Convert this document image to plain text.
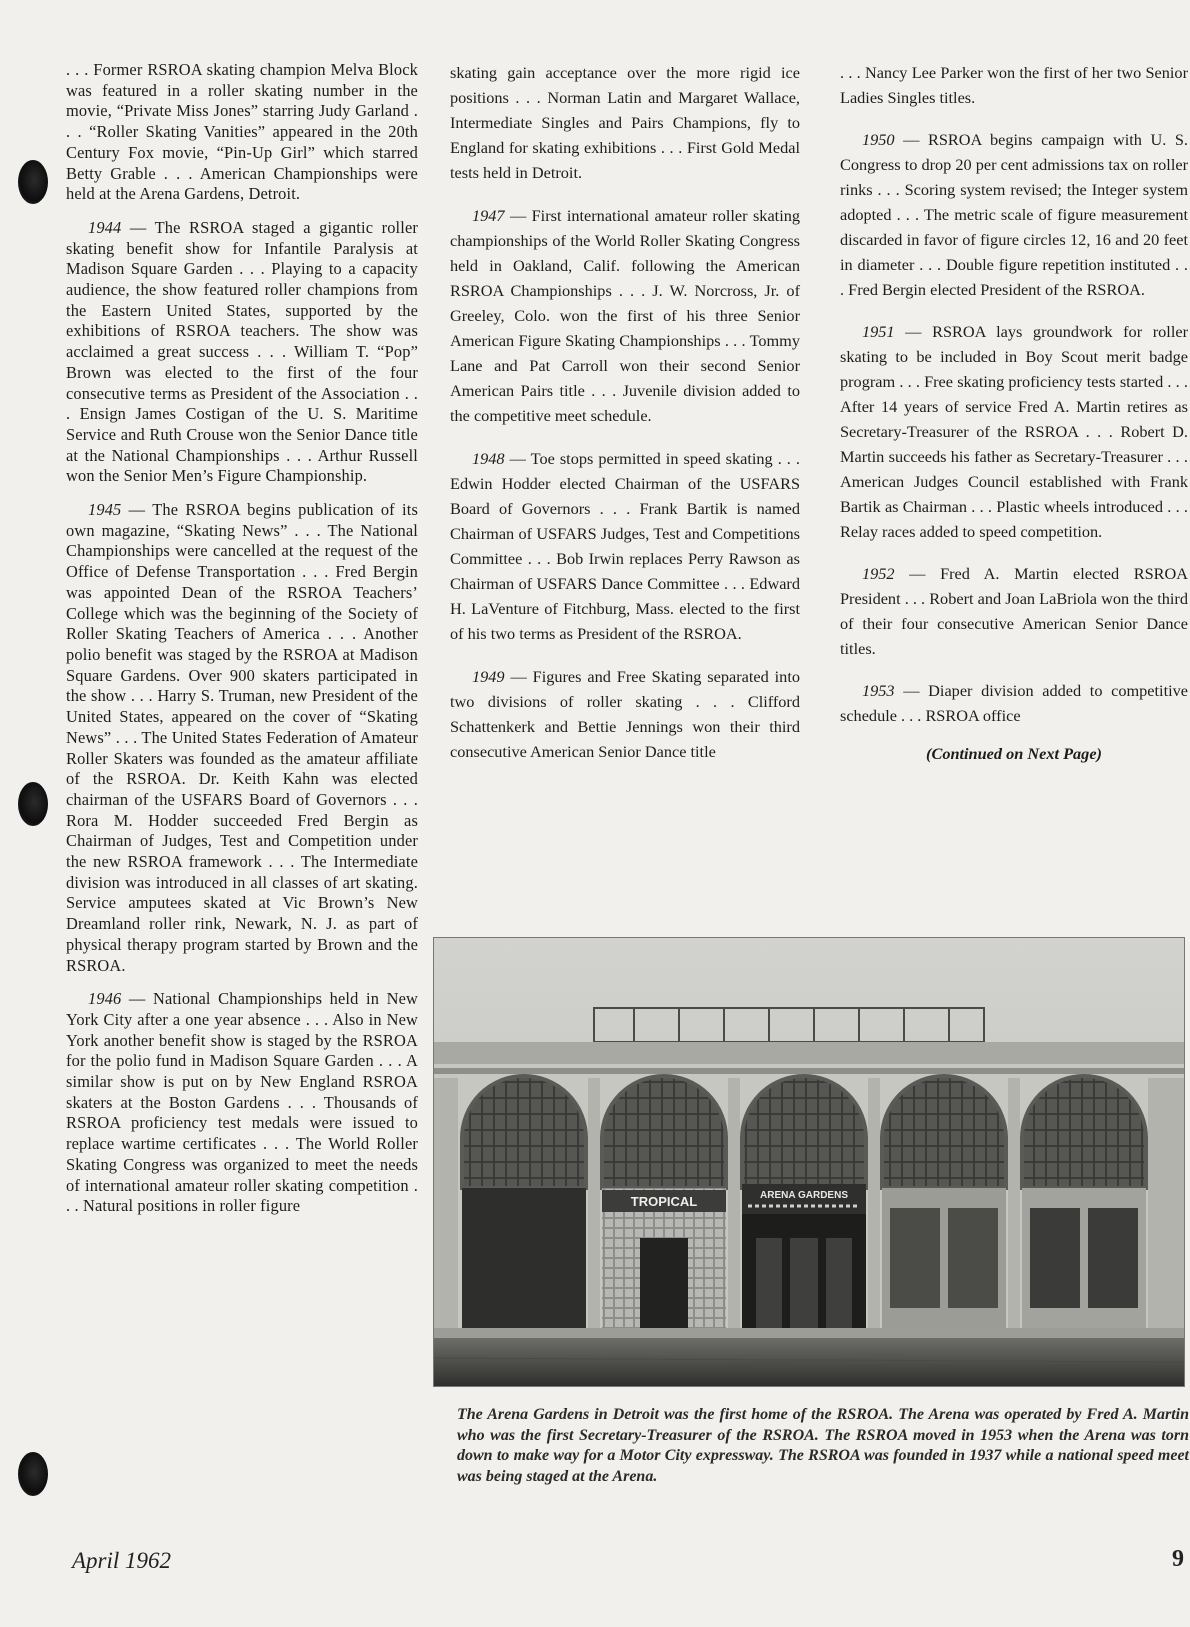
. . . Former RSROA skating champion Melva Block was featured in a roller skating number in the movie, “Private Miss Jones” starring Judy Garland . . . “Roller Skating Vanities” appeared in the 20th Century Fox movie, “Pin-Up Girl” which starred Betty Grable . . . American Championships were held at the Arena Gardens, Detroit.

1944 — The RSROA staged a gigantic roller skating benefit show for Infantile Paralysis at Madison Square Garden . . . Playing to a capacity audience, the show featured roller champions from the Eastern United States, supported by the exhibitions of RSROA teachers. The show was acclaimed a great success . . . William T. “Pop” Brown was elected to the first of the four consecutive terms as President of the Association . . . Ensign James Costigan of the U. S. Maritime Service and Ruth Crouse won the Senior Dance title at the National Championships . . . Arthur Russell won the Senior Men’s Figure Championship.

1945 — The RSROA begins publication of its own magazine, “Skating News” . . . The National Championships were cancelled at the request of the Office of Defense Transportation . . . Fred Bergin was appointed Dean of the RSROA Teachers’ College which was the beginning of the Society of Roller Skating Teachers of America . . . Another polio benefit was staged by the RSROA at Madison Square Gardens. Over 900 skaters participated in the show . . . Harry S. Truman, new President of the United States, appeared on the cover of “Skating News” . . . The United States Federation of Amateur Roller Skaters was founded as the amateur affiliate of the RSROA. Dr. Keith Kahn was elected chairman of the USFARS Board of Governors . . . Rora M. Hodder succeeded Fred Bergin as Chairman of Judges, Test and Competition under the new RSROA framework . . . The Intermediate division was introduced in all classes of art skating. Service amputees skated at Vic Brown’s New Dreamland roller rink, Newark, N. J. as part of physical therapy program started by Brown and the RSROA.

1946 — National Championships held in New York City after a one year absence . . . Also in New York another benefit show is staged by the RSROA for the polio fund in Madison Square Garden . . . A similar show is put on by New England RSROA skaters at the Boston Gardens . . . Thousands of RSROA proficiency test medals were issued to replace wartime certificates . . . The World Roller Skating Congress was organized to meet the needs of international amateur roller skating competition . . . Natural positions in roller figure

skating gain acceptance over the more rigid ice positions . . . Norman Latin and Margaret Wallace, Intermediate Singles and Pairs Champions, fly to England for skating exhibitions . . . First Gold Medal tests held in Detroit.

1947 — First international amateur roller skating championships of the World Roller Skating Congress held in Oakland, Calif. following the American RSROA Championships . . . J. W. Norcross, Jr. of Greeley, Colo. won the first of his three Senior American Figure Skating Championships . . . Tommy Lane and Pat Carroll won their second Senior American Pairs title . . . Juvenile division added to the competitive meet schedule.

1948 — Toe stops permitted in speed skating . . . Edwin Hodder elected Chairman of the USFARS Board of Governors . . . Frank Bartik is named Chairman of USFARS Judges, Test and Competitions Committee . . . Bob Irwin replaces Perry Rawson as Chairman of USFARS Dance Committee . . . Edward H. LaVenture of Fitchburg, Mass. elected to the first of his two terms as President of the RSROA.

1949 — Figures and Free Skating separated into two divisions of roller skating . . . Clifford Schattenkerk and Bettie Jennings won their third consecutive American Senior Dance title

. . . Nancy Lee Parker won the first of her two Senior Ladies Singles titles.

1950 — RSROA begins campaign with U. S. Congress to drop 20 per cent admissions tax on roller rinks . . . Scoring system revised; the Integer system adopted . . . The metric scale of figure measurement discarded in favor of figure circles 12, 16 and 20 feet in diameter . . . Double figure repetition instituted . . . Fred Bergin elected President of the RSROA.

1951 — RSROA lays groundwork for roller skating to be included in Boy Scout merit badge program . . . Free skating proficiency tests started . . . After 14 years of service Fred A. Martin retires as Secretary-Treasurer of the RSROA . . . Robert D. Martin succeeds his father as Secretary-Treasurer . . . American Judges Council established with Frank Bartik as Chairman . . . Plastic wheels introduced . . . Relay races added to speed competition.

1952 — Fred A. Martin elected RSROA President . . . Robert and Joan LaBriola won the third of their four consecutive American Senior Dance titles.

1953 — Diaper division added to competitive schedule . . . RSROA office

(Continued on Next Page)

TROPICAL	ARENA GARDENS
The Arena Gardens in Detroit was the first home of the RSROA. The Arena was operated by Fred A. Martin who was the first Secretary-Treasurer of the RSROA. The RSROA moved in 1953 when the Arena was torn down to make way for a Motor City expressway. The RSROA was founded in 1937 while a national speed meet was being staged at the Arena.
April 1962	9
